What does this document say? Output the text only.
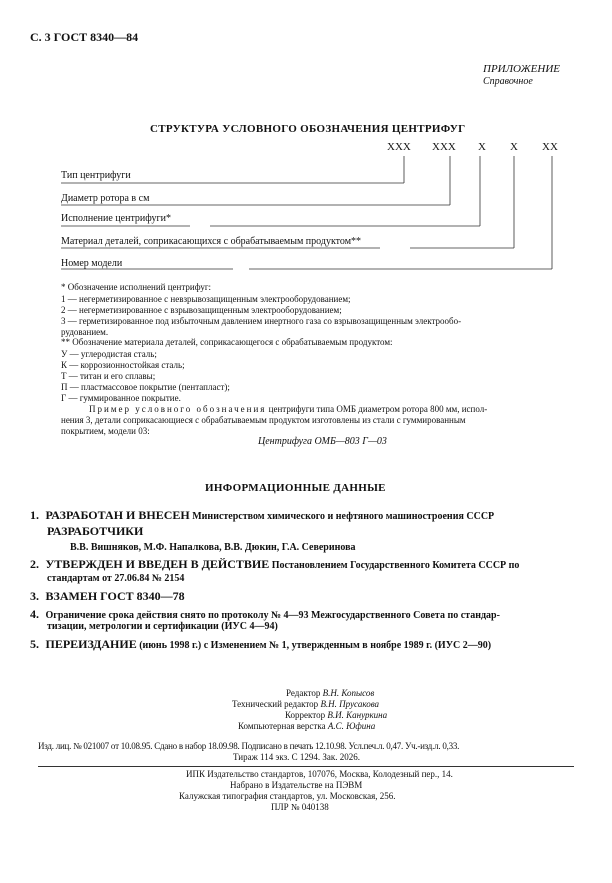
С. 3 ГОСТ 8340—84
ПРИЛОЖЕНИЕ
Справочное
СТРУКТУРА УСЛОВНОГО ОБОЗНАЧЕНИЯ ЦЕНТРИФУГ
XXX XXX X X XX
Тип центрифуги
Диаметр ротора в см
Исполнение центрифуги*
Материал деталей, соприкасающихся с обрабатываемым продуктом**
Номер модели
* Обозначение исполнений центрифуг:
1 — негерметизированное с невзрывозащищенным электрооборудованием;
2 — негерметизированное с взрывозащищенным электрооборудованием;
3 — герметизированное под избыточным давлением инертного газа со взрывозащищенным электрообо-
рудованием.
** Обозначение материала деталей, соприкасающегося с обрабатываемым продуктом:
У — углеродистая сталь;
К — коррозионностойкая сталь;
Т — титан и его сплавы;
П — пластмассовое покрытие (пентапласт);
Г — гуммированное покрытие.
Пример условного обозначения центрифуги типа ОМБ диаметром ротора 800 мм, испол-
нения 3, детали соприкасающиеся с обрабатываемым продуктом изготовлены из стали с гуммированным
покрытием, модели 03:
Центрифуга ОМБ—803 Г—03
ИНФОРМАЦИОННЫЕ ДАННЫЕ
1. РАЗРАБОТАН И ВНЕСЕН Министерством химического и нефтяного машиностроения СССР
РАЗРАБОТЧИКИ
В.В. Вишняков, М.Ф. Напалкова, В.В. Дюкин, Г.А. Северинова
2. УТВЕРЖДЕН И ВВЕДЕН В ДЕЙСТВИЕ Постановлением Государственного Комитета СССР по
стандартам от 27.06.84 № 2154
3. ВЗАМЕН ГОСТ 8340—78
4. Ограничение срока действия снято по протоколу № 4—93 Межгосударственного Совета по стандар-
тизации, метрологии и сертификации (ИУС 4—94)
5. ПЕРЕИЗДАНИЕ (июнь 1998 г.) с Изменением № 1, утвержденным в ноябре 1989 г. (ИУС 2—90)
Редактор В.Н. Копысов
Технический редактор В.Н. Прусакова
Корректор В.И. Кануркина
Компьютерная верстка А.С. Юфина
Изд. лиц. № 021007 от 10.08.95. Сдано в набор 18.09.98. Подписано в печать 12.10.98. Усл.печ.л. 0,47. Уч.-изд.л. 0,33.
Тираж 114 экз. С 1294. Зак. 2026.
ИПК Издательство стандартов, 107076, Москва, Колодезный пер., 14.
Набрано в Издательстве на ПЭВМ
Калужская типография стандартов, ул. Московская, 256.
ПЛР № 040138
